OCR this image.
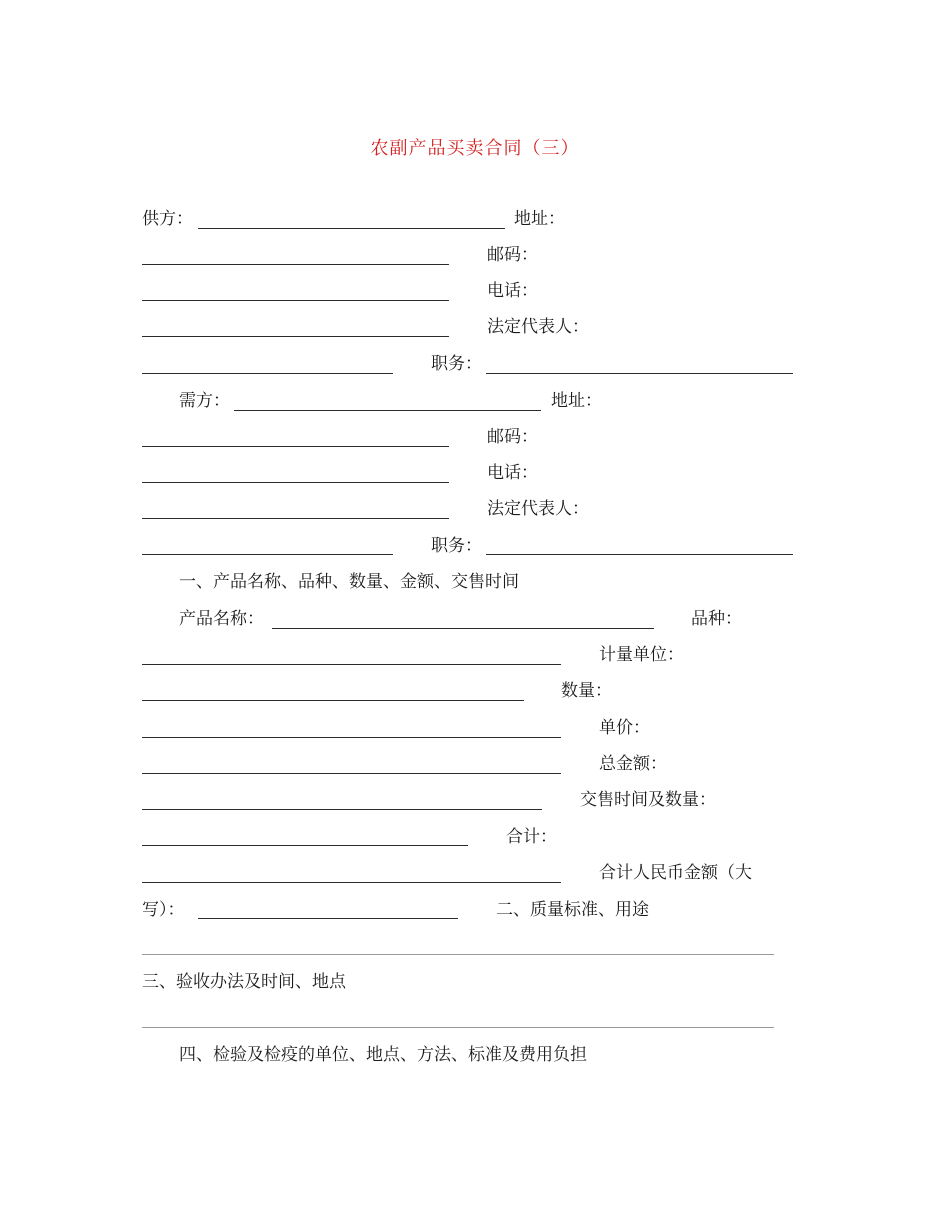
农副产品买卖合同（三）
供方：	地址：
邮码：
电话：
法定代表人：
职务：
需方：	地址：
邮码：
电话：
法定代表人：
职务：
一、产品名称、品种、数量、金额、交售时间
产品名称：	品种：
计量单位：
数量：
单价：
总金额：
交售时间及数量：
合计：
合计人民币金额（大
写）：	二、质量标准、用途
三、验收办法及时间、地点
四、检验及检疫的单位、地点、方法、标准及费用负担
